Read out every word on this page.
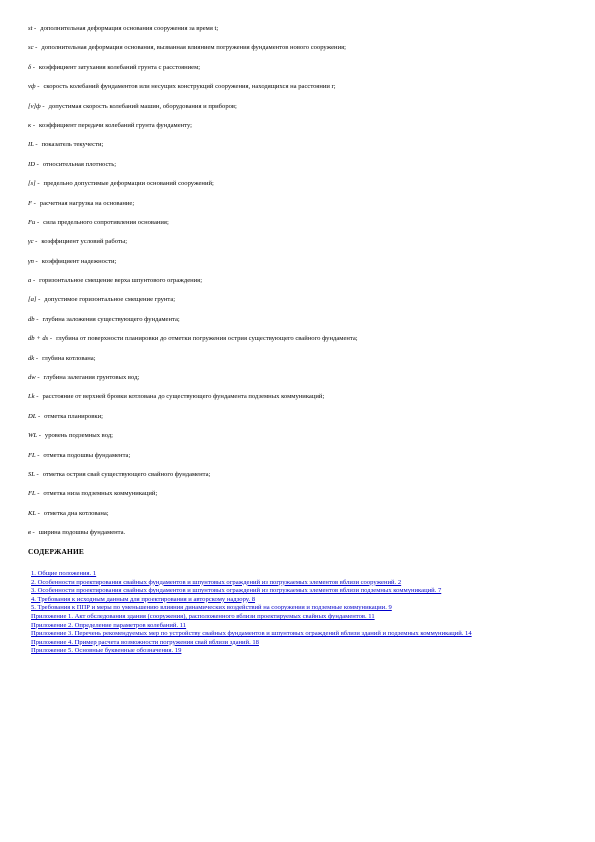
st - дополнительная деформация основания сооружения за время t;
sc - дополнительная деформация основания, вызванная влиянием погружения фундаментов нового сооружения;
δ - коэффициент затухания колебаний грунта с расстоянием;
vф - скорость колебаний фундаментов или несущих конструкций сооружения, находящихся на расстоянии r;
[v]ф - допустимая скорость колебаний машин, оборудования и приборов;
κ - коэффициент передачи колебаний грунта фундаменту;
IL - показатель текучести;
ID - относительная плотность;
[s] - предельно допустимые деформации оснований сооружений;
F - расчетная нагрузка на основание;
Fu - сила предельного сопротивления основания;
γc - коэффициент условий работы;
γn - коэффициент надежности;
a - горизонтальное смещение верха шпунтового ограждения;
[a] - допустимое горизонтальное смещение грунта;
db - глубина заложения существующего фундамента;
db + ds - глубина от поверхности планировки до отметки погружения острия существующего свайного фундамента;
dk - глубина котлована;
dw - глубина залегания грунтовых вод;
Lk - расстояние от верхней бровки котлована до существующего фундамента подземных коммуникаций;
DL - отметка планировки;
WL - уровень подземных вод;
FL - отметка подошвы фундамента;
SL - отметка острия свай существующего свайного фундамента;
FL - отметка низа подземных коммуникаций;
KL - отметка дна котлована;
в - ширина подошвы фундамента.
СОДЕРЖАНИЕ
1. Общие положения. 1
2. Особенности проектирования свайных фундаментов и шпунтовых ограждений из погружаемых элементов вблизи сооружений. 2
3. Особенности проектирования свайных фундаментов и шпунтовых ограждений из погружаемых элементов вблизи подземных коммуникаций. 7
4. Требования к исходным данным для проектирования и авторскому надзору. 8
5. Требования к ППР и меры по уменьшению влияния динамических воздействий на сооружения и подземные коммуникации. 9
Приложение 1. Акт обследования здания (сооружения), расположенного вблизи проектируемых свайных фундаментов. 11
Приложение 2. Определение параметров колебаний. 11
Приложение 3. Перечень рекомендуемых мер по устройству свайных фундаментов и шпунтовых ограждений вблизи зданий и подземных коммуникаций. 14
Приложение 4. Пример расчета возможности погружения свай вблизи зданий. 18
Приложение 5. Основные буквенные обозначения. 19
